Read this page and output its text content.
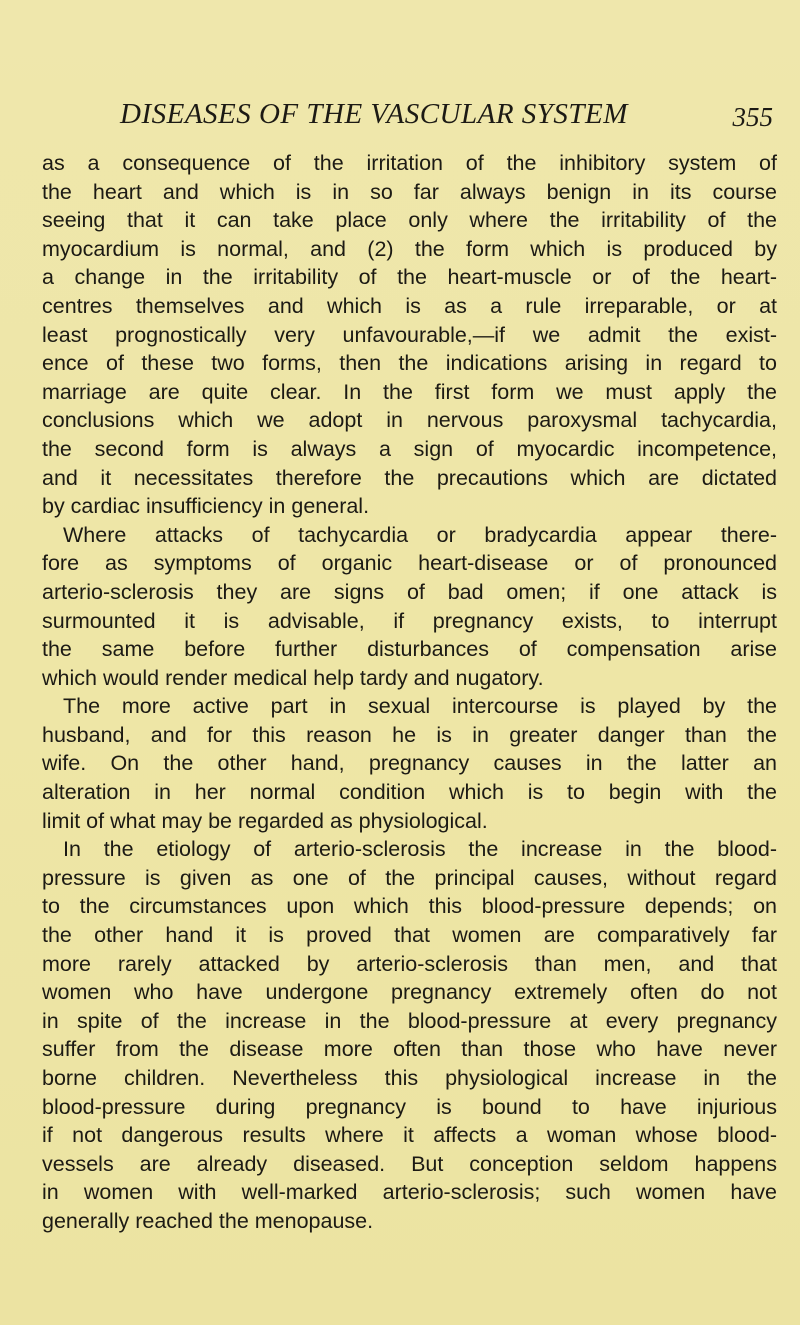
DISEASES OF THE VASCULAR SYSTEM	355
as a consequence of the irritation of the inhibitory system of
the heart and which is in so far always benign in its course
seeing that it can take place only where the irritability of the
myocardium is normal, and (2) the form which is produced by
a change in the irritability of the heart-muscle or of the heart-
centres themselves and which is as a rule irreparable, or at
least prognostically very unfavourable,—if we admit the exist-
ence of these two forms, then the indications arising in regard to
marriage are quite clear. In the first form we must apply the
conclusions which we adopt in nervous paroxysmal tachycardia,
the second form is always a sign of myocardic incompetence,
and it necessitates therefore the precautions which are dictated
by cardiac insufficiency in general.
Where attacks of tachycardia or bradycardia appear there-
fore as symptoms of organic heart-disease or of pronounced
arterio-sclerosis they are signs of bad omen; if one attack is
surmounted it is advisable, if pregnancy exists, to interrupt
the same before further disturbances of compensation arise
which would render medical help tardy and nugatory.
The more active part in sexual intercourse is played by the
husband, and for this reason he is in greater danger than the
wife. On the other hand, pregnancy causes in the latter an
alteration in her normal condition which is to begin with the
limit of what may be regarded as physiological.
In the etiology of arterio-sclerosis the increase in the blood-
pressure is given as one of the principal causes, without regard
to the circumstances upon which this blood-pressure depends; on
the other hand it is proved that women are comparatively far
more rarely attacked by arterio-sclerosis than men, and that
women who have undergone pregnancy extremely often do not
in spite of the increase in the blood-pressure at every pregnancy
suffer from the disease more often than those who have never
borne children. Nevertheless this physiological increase in the
blood-pressure during pregnancy is bound to have injurious
if not dangerous results where it affects a woman whose blood-
vessels are already diseased. But conception seldom happens
in women with well-marked arterio-sclerosis; such women have
generally reached the menopause.
